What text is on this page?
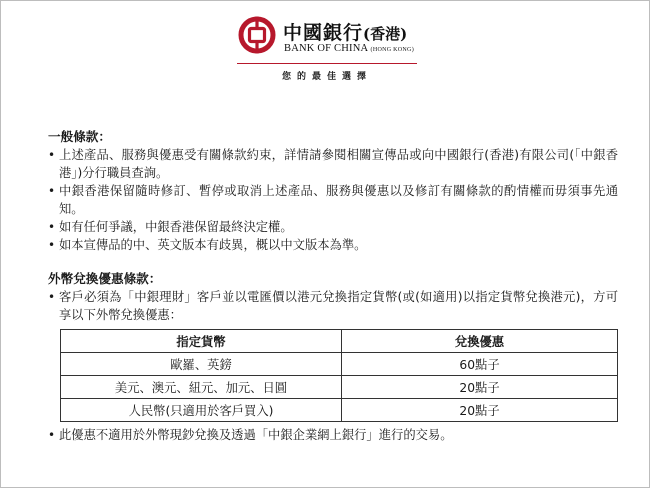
中國銀行(香港)
BANK OF CHINA (HONG KONG)
您的最佳選擇

一般條款：

• 上述產品、服務與優惠受有關條款約束，詳情請參閱相關宣傳品或向中國銀行(香港)有限公司(「中銀香港」)分行職員查詢。
• 中銀香港保留隨時修訂、暫停或取消上述產品、服務與優惠以及修訂有關條款的酌情權而毋須事先通知。
• 如有任何爭議，中銀香港保留最終決定權。
• 如本宣傳品的中、英文版本有歧異，概以中文版本為準。

外幣兌換優惠條款：

• 客戶必須為「中銀理財」客戶並以電匯價以港元兌換指定貨幣(或(如適用)以指定貨幣兌換港元)，方可享以下外幣兌換優惠：
指定貨幣	兌換優惠
歐羅、英鎊	60點子
美元、澳元、紐元、加元、日圓	20點子
人民幣(只適用於客戶買入)	20點子
• 此優惠不適用於外幣現鈔兌換及透過「中銀企業網上銀行」進行的交易。
